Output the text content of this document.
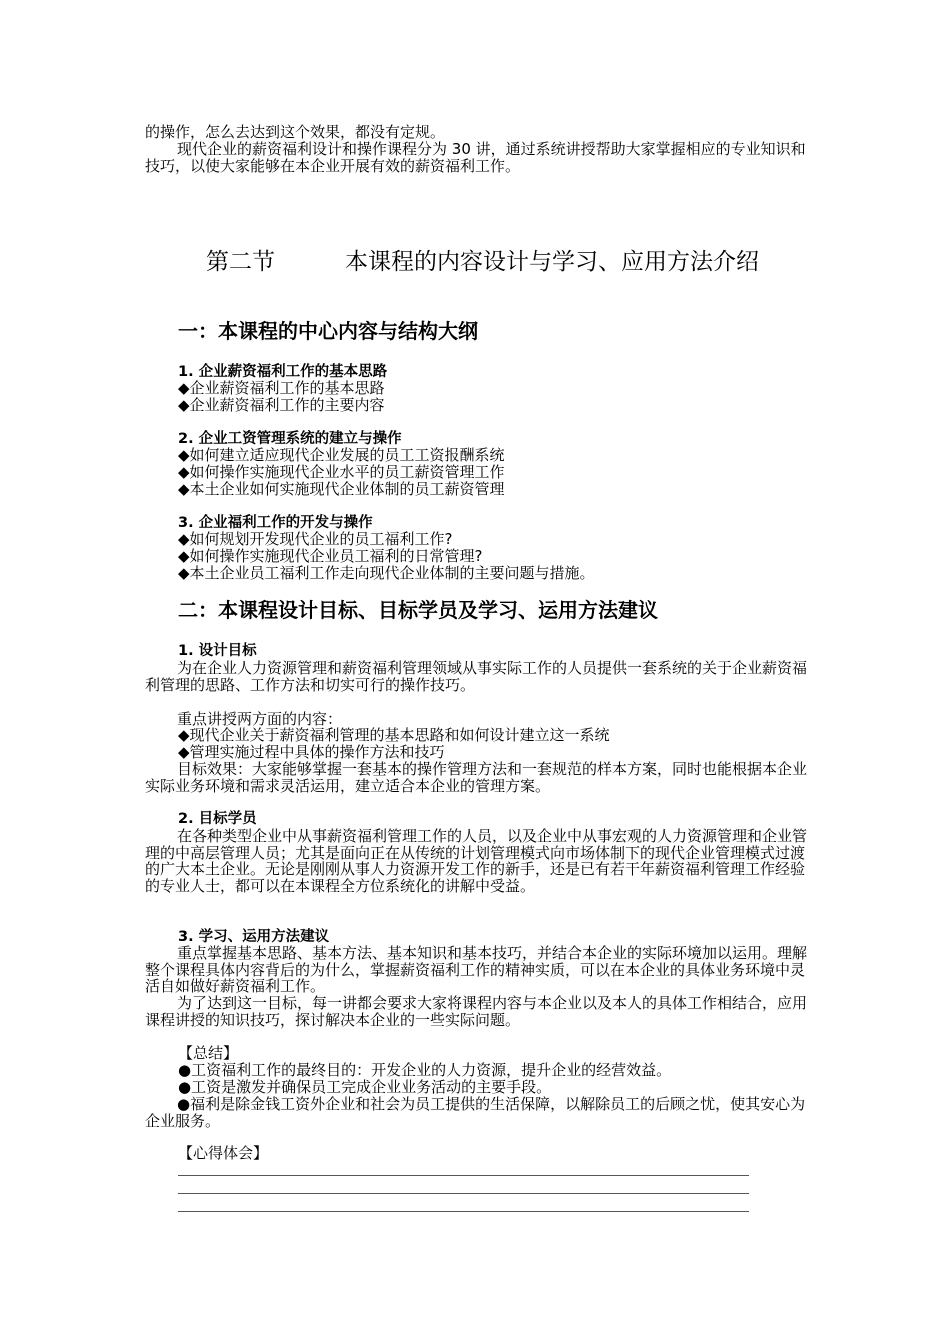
的操作，怎么去达到这个效果，都没有定规。
现代企业的薪资福利设计和操作课程分为 30 讲，通过系统讲授帮助大家掌握相应的专业知识和技巧，以使大家能够在本企业开展有效的薪资福利工作。
第二节	本课程的内容设计与学习、应用方法介绍
一：本课程的中心内容与结构大纲
1. 企业薪资福利工作的基本思路
◆企业薪资福利工作的基本思路
◆企业薪资福利工作的主要内容
2. 企业工资管理系统的建立与操作
◆如何建立适应现代企业发展的员工工资报酬系统
◆如何操作实施现代企业水平的员工薪资管理工作
◆本土企业如何实施现代企业体制的员工薪资管理
3. 企业福利工作的开发与操作
◆如何规划开发现代企业的员工福利工作?
◆如何操作实施现代企业员工福利的日常管理?
◆本土企业员工福利工作走向现代企业体制的主要问题与措施。
二：本课程设计目标、目标学员及学习、运用方法建议
1. 设计目标
为在企业人力资源管理和薪资福利管理领域从事实际工作的人员提供一套系统的关于企业薪资福利管理的思路、工作方法和切实可行的操作技巧。
重点讲授两方面的内容：
◆现代企业关于薪资福利管理的基本思路和如何设计建立这一系统
◆管理实施过程中具体的操作方法和技巧
目标效果：大家能够掌握一套基本的操作管理方法和一套规范的样本方案，同时也能根据本企业实际业务环境和需求灵活运用，建立适合本企业的管理方案。
2. 目标学员
在各种类型企业中从事薪资福利管理工作的人员，以及企业中从事宏观的人力资源管理和企业管理的中高层管理人员；尤其是面向正在从传统的计划管理模式向市场体制下的现代企业管理模式过渡的广大本土企业。无论是刚刚从事人力资源开发工作的新手，还是已有若干年薪资福利管理工作经验的专业人士，都可以在本课程全方位系统化的讲解中受益。
3. 学习、运用方法建议
重点掌握基本思路、基本方法、基本知识和基本技巧，并结合本企业的实际环境加以运用。理解整个课程具体内容背后的为什么，掌握薪资福利工作的精神实质，可以在本企业的具体业务环境中灵活自如做好薪资福利工作。
为了达到这一目标，每一讲都会要求大家将课程内容与本企业以及本人的具体工作相结合，应用课程讲授的知识技巧，探讨解决本企业的一些实际问题。
【总结】
●工资福利工作的最终目的：开发企业的人力资源，提升企业的经营效益。
●工资是激发并确保员工完成企业业务活动的主要手段。
●福利是除金钱工资外企业和社会为员工提供的生活保障，以解除员工的后顾之忧，使其安心为企业服务。
【心得体会】
